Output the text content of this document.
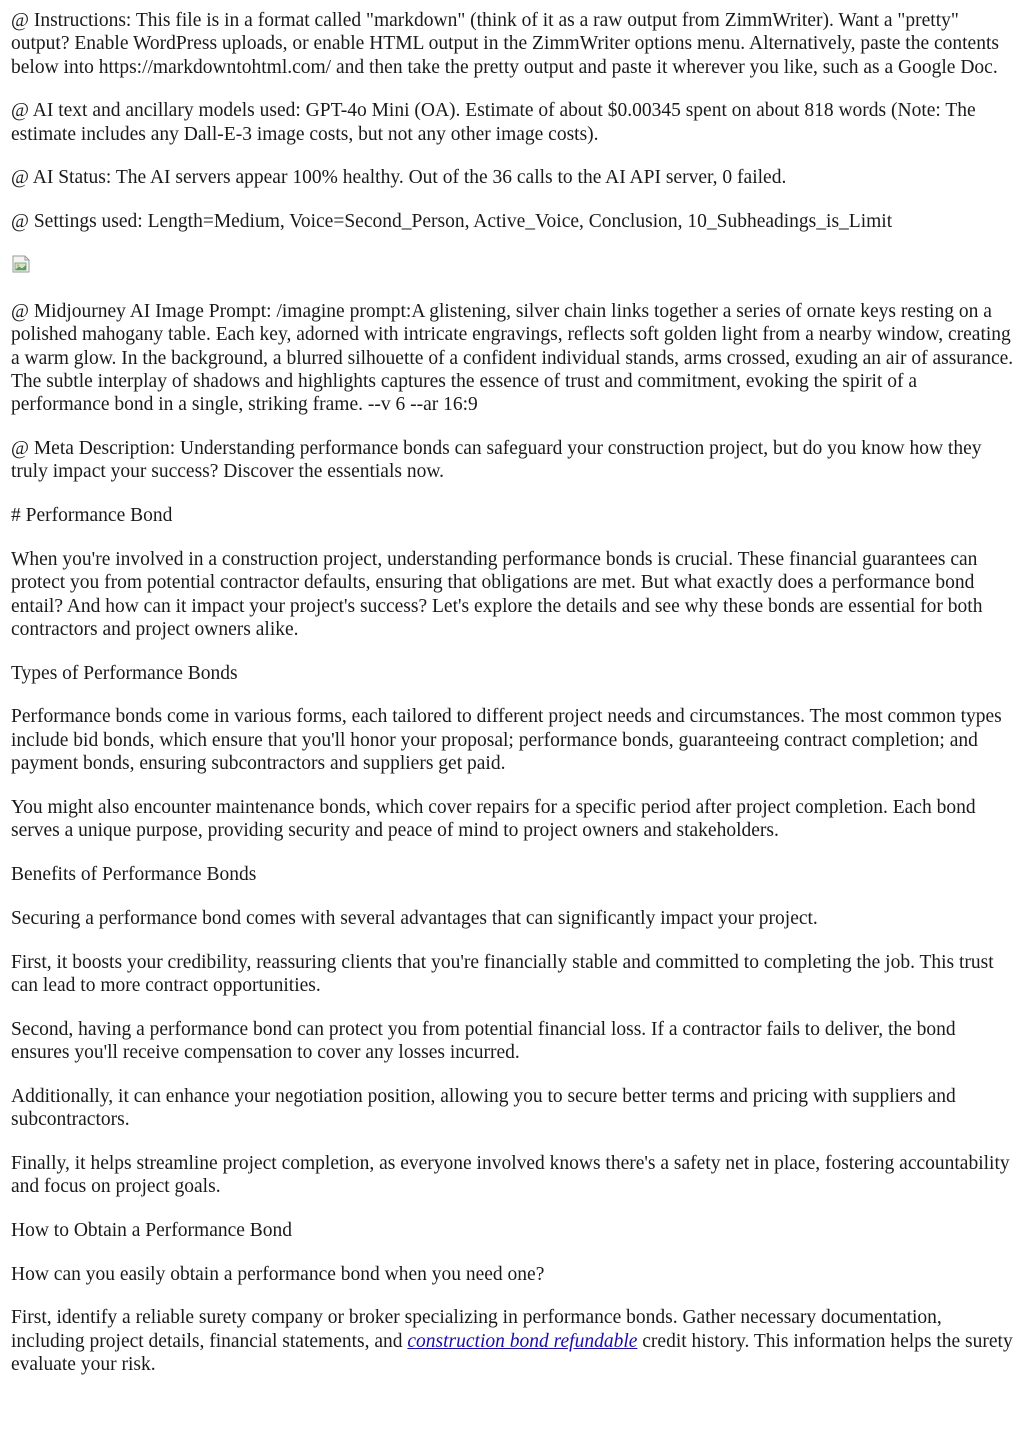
@ Instructions: This file is in a format called "markdown" (think of it as a raw output from ZimmWriter). Want a "pretty" output? Enable WordPress uploads, or enable HTML output in the ZimmWriter options menu. Alternatively, paste the contents below into https://markdowntohtml.com/ and then take the pretty output and paste it wherever you like, such as a Google Doc.

@ AI text and ancillary models used: GPT-4o Mini (OA). Estimate of about $0.00345 spent on about 818 words (Note: The estimate includes any Dall-E-3 image costs, but not any other image costs).

@ AI Status: The AI servers appear 100% healthy. Out of the 36 calls to the AI API server, 0 failed.

@ Settings used: Length=Medium, Voice=Second_Person, Active_Voice, Conclusion, 10_Subheadings_is_Limit

@ Midjourney AI Image Prompt: /imagine prompt:A glistening, silver chain links together a series of ornate keys resting on a polished mahogany table. Each key, adorned with intricate engravings, reflects soft golden light from a nearby window, creating a warm glow. In the background, a blurred silhouette of a confident individual stands, arms crossed, exuding an air of assurance. The subtle interplay of shadows and highlights captures the essence of trust and commitment, evoking the spirit of a performance bond in a single, striking frame. --v 6 --ar 16:9

@ Meta Description: Understanding performance bonds can safeguard your construction project, but do you know how they truly impact your success? Discover the essentials now.

# Performance Bond

When you're involved in a construction project, understanding performance bonds is crucial. These financial guarantees can protect you from potential contractor defaults, ensuring that obligations are met. But what exactly does a performance bond entail? And how can it impact your project's success? Let's explore the details and see why these bonds are essential for both contractors and project owners alike.

Types of Performance Bonds

Performance bonds come in various forms, each tailored to different project needs and circumstances. The most common types include bid bonds, which ensure that you'll honor your proposal; performance bonds, guaranteeing contract completion; and payment bonds, ensuring subcontractors and suppliers get paid.

You might also encounter maintenance bonds, which cover repairs for a specific period after project completion. Each bond serves a unique purpose, providing security and peace of mind to project owners and stakeholders.

Benefits of Performance Bonds

Securing a performance bond comes with several advantages that can significantly impact your project.

First, it boosts your credibility, reassuring clients that you're financially stable and committed to completing the job. This trust can lead to more contract opportunities.

Second, having a performance bond can protect you from potential financial loss. If a contractor fails to deliver, the bond ensures you'll receive compensation to cover any losses incurred.

Additionally, it can enhance your negotiation position, allowing you to secure better terms and pricing with suppliers and subcontractors.

Finally, it helps streamline project completion, as everyone involved knows there's a safety net in place, fostering accountability and focus on project goals.

How to Obtain a Performance Bond

How can you easily obtain a performance bond when you need one?

First, identify a reliable surety company or broker specializing in performance bonds. Gather necessary documentation, including project details, financial statements, and construction bond refundable credit history. This information helps the surety evaluate your risk.
